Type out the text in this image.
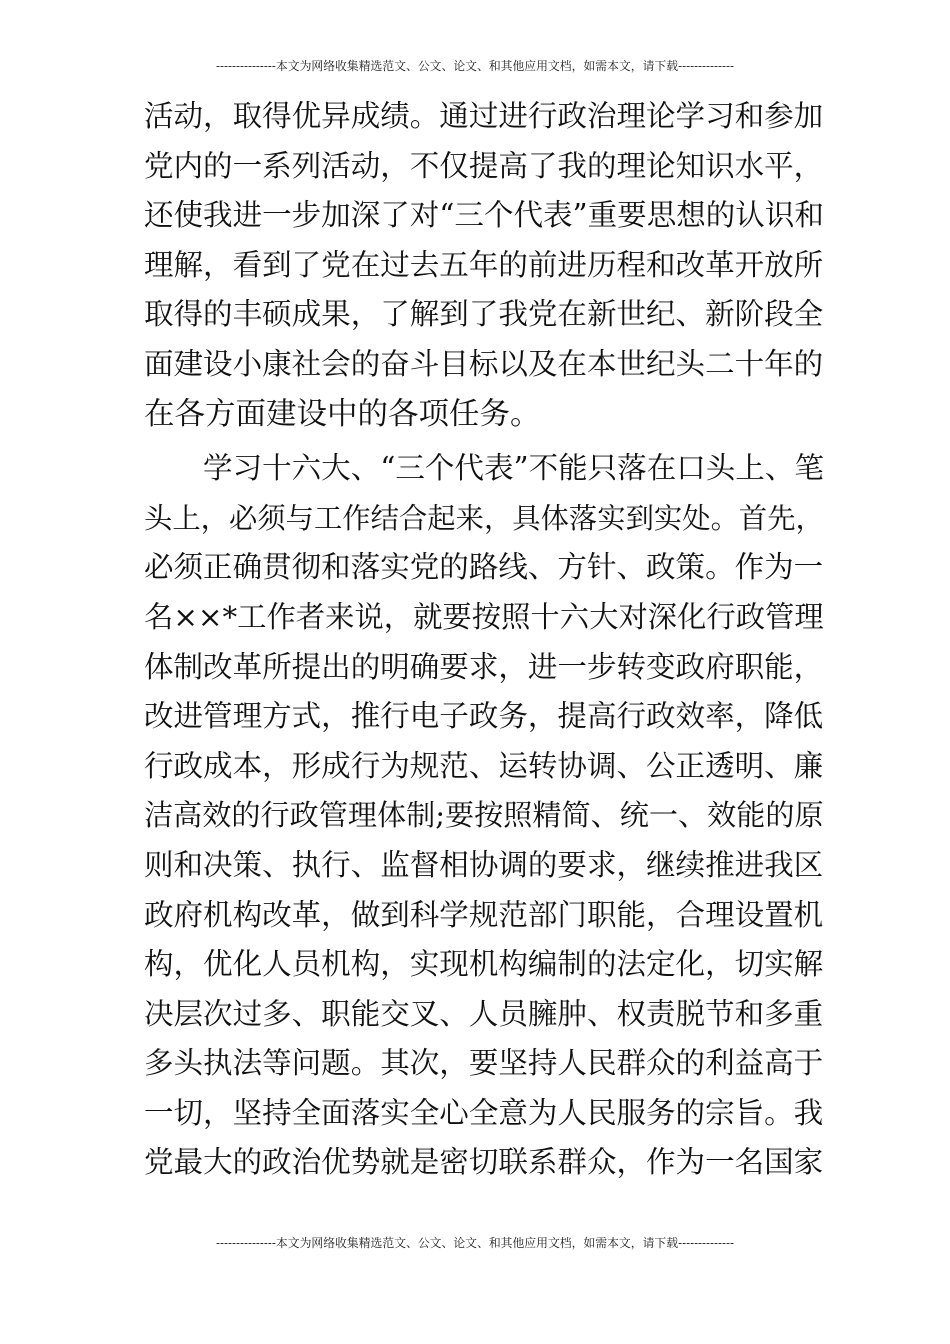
---------------本文为网络收集精选范文、公文、论文、和其他应用文档，如需本文，请下载--------------
活动，取得优异成绩。通过进行政治理论学习和参加
党内的一系列活动，不仅提高了我的理论知识水平，
还使我进一步加深了对“三个代表”重要思想的认识和
理解，看到了党在过去五年的前进历程和改革开放所
取得的丰硕成果，了解到了我党在新世纪、新阶段全
面建设小康社会的奋斗目标以及在本世纪头二十年的
在各方面建设中的各项任务。
　　学习十六大、“三个代表”不能只落在口头上、笔
头上，必须与工作结合起来，具体落实到实处。首先，
必须正确贯彻和落实党的路线、方针、政策。作为一
名××*工作者来说，就要按照十六大对深化行政管理
体制改革所提出的明确要求，进一步转变政府职能，
改进管理方式，推行电子政务，提高行政效率，降低
行政成本，形成行为规范、运转协调、公正透明、廉
洁高效的行政管理体制;要按照精简、统一、效能的原
则和决策、执行、监督相协调的要求，继续推进我区
政府机构改革，做到科学规范部门职能，合理设置机
构，优化人员机构，实现机构编制的法定化，切实解
决层次过多、职能交叉、人员臃肿、权责脱节和多重
多头执法等问题。其次，要坚持人民群众的利益高于
一切，坚持全面落实全心全意为人民服务的宗旨。我
党最大的政治优势就是密切联系群众，作为一名国家
---------------本文为网络收集精选范文、公文、论文、和其他应用文档，如需本文，请下载--------------
